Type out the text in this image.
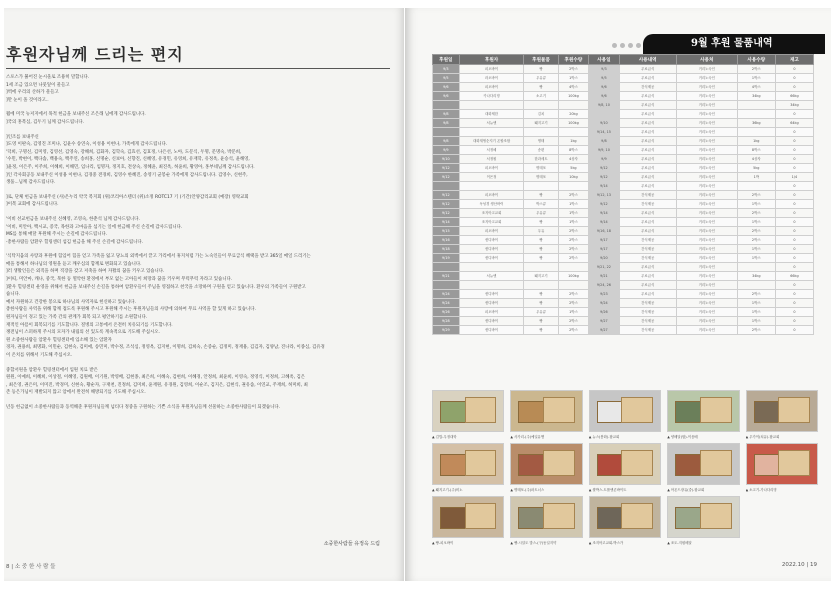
후원자님께 드리는 편지
스포스가 붉어진 눈시울로 조용히 말합니다.
1세 조금 있으면 나뭇잎이 물들고
]벽에 우리의 산하가 물들고
]만 눈이 올 것이라고..
월에 미국 뉴저지에서 목적 헌금을 보내주신 조은래 님에게 감사드립니다.
]국의 홍복심, 김두기 님께 감사드립니다.
]인조를 보내주신
]도영 이판숙, 김영진 조미나, 김윤수 송연숙, 이성용 이현나, 가족에게 감사드립니다.
'덕희, 구명신, 김미영, 김영선, 김영숙, 강해희, 김화자, 김학숙, 김효선, 김효정, 나은선, 노아, 도문식, 두명, 문명숙, 박문희,
'수민, 박현이, 백다솜, 백용숙, 백주연, 송희홍, 신명순, 신보아, 신향진, 신혜영, 유경민, 유영희, 유재학, 유정옥, 윤승석, 윤해영,
]윤정, 이은주, 이주희, 이혜희, 이해민, 임나리, 임명자, 정지호, 전상숙, 정혜윤, 최진옥, 허윤희, 황영아, 홍부네님께 감사드립니다.
]인 각사회공동 보내주신 이성용 이현나, 김경중 전경희, 김영수 한혜진, 송영기 균봉순 가족에게 감사드립니다. 김영수, 신현주,
생품...님께 감사드립니다.
]로, 단체 헌금을 보내주신 (사)온누리 약국 복지회 (위)코리아스텐더 (위)소정 ROTC17 기 (기간)안양감리교회 (예장) 영락교회
]이복 교회에 감사드립니다.
'이비 선교헌금을 보내주신 신혜영, 조영숙, 한춘석 님께 감사드립니다.
'이비, 미안아, 백시교, 증국, 목한과 고마음을 섬기는 일에 헌금해 주신 손길에 감사드립니다.
MS를 통해 매달 후원해 주시는 손길에 감사드립니다.
·총한사람들 암환우 힐링센터 섬김 헌금을 해 주신 손길에 감사드립니다.
'식탁지움의 사랑과 후원에 힘입어 힘을 얻고 가족을 잃고 당뇨의 외벽에서 끝고 가리에서 휴지처럼 가는 노숙인들이 무료급식 혜택을 받고 365일 매일 드리기는
매을 통해서 하나님의 영원을 듣고 깨우심의 함께로 변화되고 있습니다.
]러 생활인들은 외직을 하며 직장을 갖고 저축을 하여 자활의 꿈을 키우고 있습니다.
]이띠, 미안마, 캐나, 중국, 북한 등 열악한 환경에서 부모 없는 고아들이 희망과 꿈을 키우며 무럭무럭 자라고 있습니다.
]환우 힐링센터 운영을 위해서 헌금을 보내주신 손길을 통하여 암환우들이 주님을 영접하고 천국을 소망하며 구원을 얻고 있습니다. 환우의 가족들이 구원받고
습니다.
예서 자원하고 건강한 봉으로 하나님의 사역자로 헌신하고 있습니다.
총한사람들 사역을 위해 함께 접도록 후원해 주시고 후원해 주시는 후원자님들의 사랑에 의하여 무료 사역을 할 있게 하고 있습니다.
원자님들이 경고 있는 가족 간의 관계가 회복 되고 평안하기를 소원합니다.
재적인 아픔이 회복되기를 기도합니다. 질병의 고통에서 온전히 치유되기를 기도합니다.
쟁전님이 스퍼하게 주시의 모자가 내림의 선 있도록 계속적으로 기도해 주십시오.
원 소중한사람들 암환우 힐링센터에 입소해 있는 암환자
경자, 권용희, 최명화, 이민순, 김현숙, 김미애, 송민미, 박수정, 조석심, 정영옥, 김지현, 이명희, 김희숙, 손증순, 김정미, 정재용, 김김자, 김양남, 진나라, 이종심, 김유경
이 온치를 위해서 기도해 주십시오.
중합서원을 암환우 힐링센터에서 입원 치료 받은
원원, 이예희, 이혜희, 이상철, 이혜영, 김원배, 이기원, 박영배, 김현종, 최은희, 이혜숙, 김현희, 이혜경, 안정희, 최윤희, 이영숙, 정영식, 이정희, 고혜옥, 김은
, 최은영, 권은미, 이미진, 박경미, 신현숙, 황순자, 구재천, 진정희, 김미희, 윤재원, 유경원, 김영희, 이순조, 김지은, 김현식, 권유솜, 이연교, 주재희, 허미희, 최
존 등은가님이 재발되지 않고 암에서 완전히 해방되기를 기도해 주십시오.
년동 헌금없이 소중한사람들과 동역해준 후원자님들께 넘티다 정중을 구원하는 기쁜 소식을 후원자님들께 선물하는 소중한사람들이 되겠습니다.
소중한사람들 유정옥 드림
8 | 소 중 한 사 람 들
9월 후원 물품내역
후원일	후원자	후원물품	후원수량	사용일	사용내역	사용처	사용수량	재고
9/3	피오바이	빵	2박스	9/3	무료급식	거리노숙인	2박스	0
9/5	라오바이	우유류	1박스	9/5	무료급식	거리노숙인	1박스	0
9/6	피오바이	빵	4박스	9/6	간식제공	거리노숙인	4박스	0
9/6	카나다리빙	소고기	100kg	9/6	무료급식	거리노숙인	34kg	66kg
				9/8, 10	무료급식	거리노숙인		34kg
9/8	대화제한	김치	20kg		무료급식	거리노숙인		0
9/8	서뉴앤	돼지고기	100kg	9/10	무료급식	거리노숙인	36kg	64kg
				9/14, 15	무료급식	거리노숙인		0
9/8	대화재생순지기 온할조합	명태	1kg	9/8	무료급식	거리노숙인	1kg	0
9/9	서정혜	송편	8박스	9/9, 10	무료급식	거리노숙인	8박스	0
9/10	서정원	한과세트	4상자	9/9	무료급식	거리노숙인	4상자	0
9/12	피오바이	명태포	5kg	9/12	무료급식	거리노숙인	5kg	0
9/12	이은정	명태포	10kg	9/12	무료급식	거리노숙인	1박	1/4
				9/14	무료급식	거리노숙인		0
9/12	피오바이	빵	2박스	9/12, 13	간식제공	거리노숙인	2박스	0
9/12	독성경 생산바이	박스류	1박스	9/12	간식제공	거리노숙인	1박스	0
9/12	조지아고교회	우유류	1박스	9/14	무료급식	거리노숙인	2박스	0
9/14	조지아고교회	빵	1박스	9/14	무료급식	거리노숙인	1박스	0
9/15	피오바이	우유	2박스	9/16, 18	무료급식	거리노숙인	2박스	0
9/16	퀸디바이	빵	2박스	9/17	간식제공	거리노숙인	2박스	0
9/18	퀸디바이	빵	2박스	9/17	간식제공	거리노숙인	1박스	0
9/19	퀸디바이	빵	2박스	9/20	간식제공	거리노숙인	1박스	0
				9/21, 22	무료급식	거리노숙인		0
9/21	서뉴앤	돼지고기	100kg	9/21	무료급식	거리노숙인	34kg	66kg
				9/24, 26	무료급식	거리노숙인		0
9/24	퀸디바이	빵	2박스	9/23	무료급식	거리노숙인	2박스	0
9/24	퀸디바이	빵	2박스	9/24	간식제공	거리노숙인	1박스	0
9/26	피오바이	우유류	1박스	9/26	간식제공	거리노숙인	1박스	0
9/28	퀸디바이	빵	2박스	9/27	간식제공	거리노숙인	1박스	0
9/29	퀸디바이	빵	2박스	9/27	간식제공	거리노숙인	2박스	0
▲ 김밥-우정대학	▲ 사가리-(주)예일유엔	▲ 뉴스(봉화)-합교회	▲ 양배달(합)-이음배	▲ 우가이(치유)-합교회
▲ 돼지고기-(주)비노	▲ 명태포-(주)파트너스	▲ 쌀박스-트롤앤콘바이트	▲ 아몬드장유(중)-합교회	▲ 소고기-가나다리빙
▲ 빵-피오바이	▲ 빵-시알도 밥스-(구)동일지약	▲ 조지아고교회-박스가	▲ 조도-지원배달
2022.10 | 19
